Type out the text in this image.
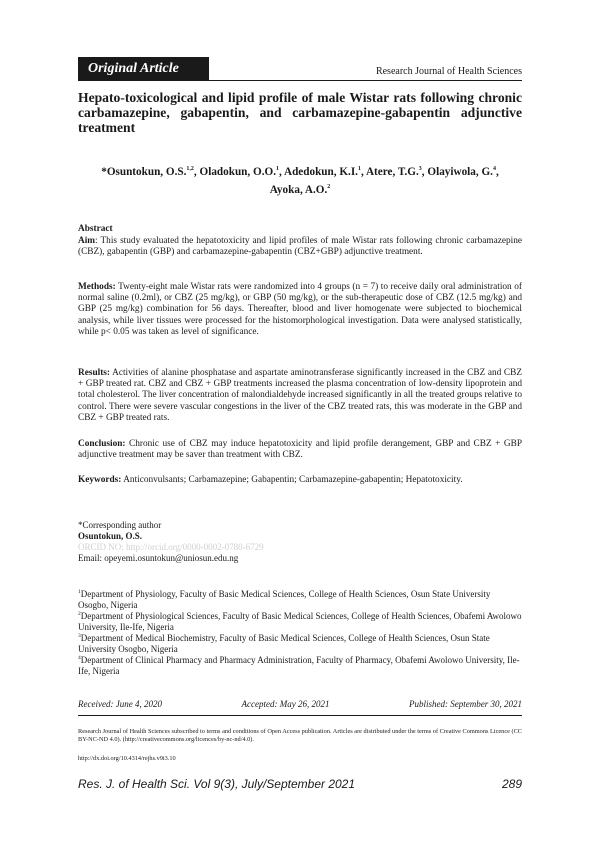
Original Article	Research Journal of Health Sciences
Hepato-toxicological and lipid profile of male Wistar rats following chronic carbamazepine, gabapentin, and carbamazepine-gabapentin adjunctive treatment
*Osuntokun, O.S.$^{1,2}$, Oladokun, O.O.$^1$, Adedokun, K.I.$^1$, Atere, T.G.$^3$, Olayiwola, G.$^4$,
Ayoka, A.O.$^2$
Abstract
Aim: This study evaluated the hepatotoxicity and lipid profiles of male Wistar rats following chronic carbamazepine (CBZ), gabapentin (GBP) and carbamazepine-gabapentin (CBZ+GBP) adjunctive treatment.
Methods: Twenty-eight male Wistar rats were randomized into 4 groups (n = 7) to receive daily oral administration of normal saline (0.2ml), or CBZ (25 mg/kg), or GBP (50 mg/kg), or the sub-therapeutic dose of CBZ (12.5 mg/kg) and GBP (25 mg/kg) combination for 56 days. Thereafter, blood and liver homogenate were subjected to biochemical analysis, while liver tissues were processed for the histomorphological investigation. Data were analysed statistically, while p< 0.05 was taken as level of significance.
Results: Activities of alanine phosphatase and aspartate aminotransferase significantly increased in the CBZ and CBZ + GBP treated rat. CBZ and CBZ + GBP treatments increased the plasma concentration of low-density lipoprotein and total cholesterol. The liver concentration of malondialdehyde increased significantly in all the treated groups relative to control. There were severe vascular congestions in the liver of the CBZ treated rats, this was moderate in the GBP and CBZ + GBP treated rats.
Conclusion: Chronic use of CBZ may induce hepatotoxicity and lipid profile derangement, GBP and CBZ + GBP adjunctive treatment may be saver than treatment with CBZ.
Keywords: Anticonvulsants; Carbamazepine; Gabapentin; Carbamazepine-gabapentin; Hepatotoxicity.
*Corresponding author
Osuntokun, O.S.
ORCID NO: http://orcid.org/0000-0002-0780-6729
Email: opeyemi.osuntokun@uniosun.edu.ng
$^1$Department of Physiology, Faculty of Basic Medical Sciences, College of Health Sciences, Osun State University Osogbo, Nigeria
$^2$Department of Physiological Sciences, Faculty of Basic Medical Sciences, College of Health Sciences, Obafemi Awolowo University, Ile-Ife, Nigeria
$^3$Department of Medical Biochemistry, Faculty of Basic Medical Sciences, College of Health Sciences, Osun State University Osogbo, Nigeria
$^4$Department of Clinical Pharmacy and Pharmacy Administration, Faculty of Pharmacy, Obafemi Awolowo University, Ile-Ife, Nigeria
Received: June 4, 2020	Accepted: May 26, 2021	Published: September 30, 2021
Research Journal of Health Sciences subscribed to terms and conditions of Open Access publication. Articles are distributed under the terms of Creative Commons Licence (CC BY-NC-ND 4.0). (http://creativecommons.org/licences/by-nc-nd/4.0).
http://dx.doi.org/10.4314/rejhs.v9i3.10
Res. J. of Health Sci. Vol 9(3), July/September 2021	289
